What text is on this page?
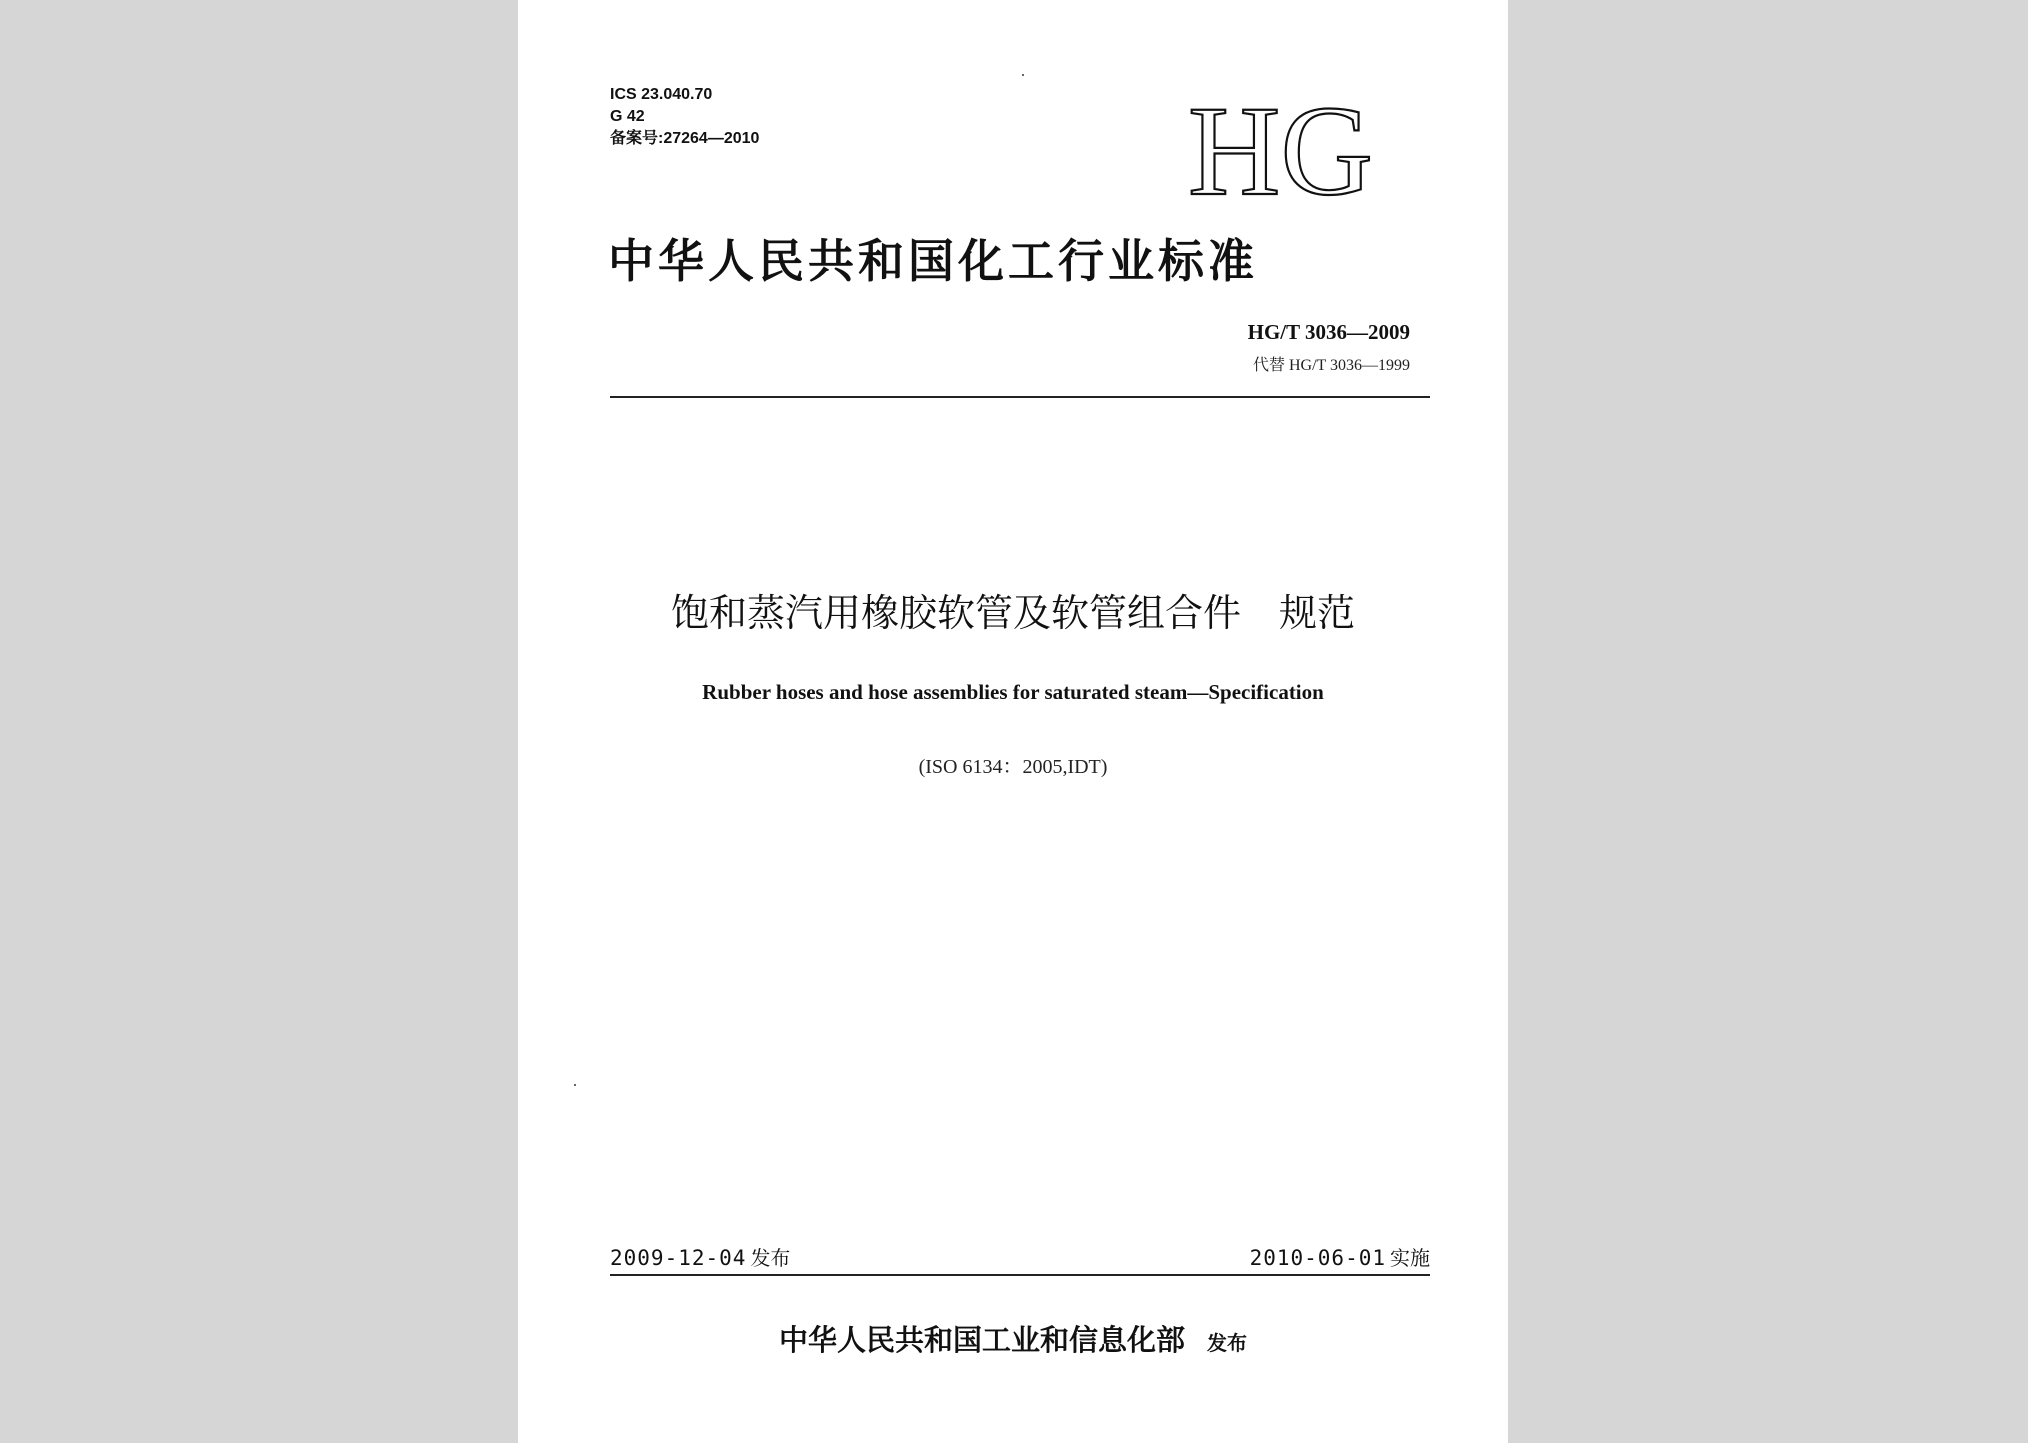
ICS 23.040.70
G 42
备案号:27264—2010	HG
中华人民共和国化工行业标准
HG/T 3036—2009
代替 HG/T 3036—1999
饱和蒸汽用橡胶软管及软管组合件　规范
Rubber hoses and hose assemblies for saturated steam—Specification
(ISO 6134：2005,IDT)
2009-12-04 发布	2010-06-01 实施
中华人民共和国工业和信息化部 发布
